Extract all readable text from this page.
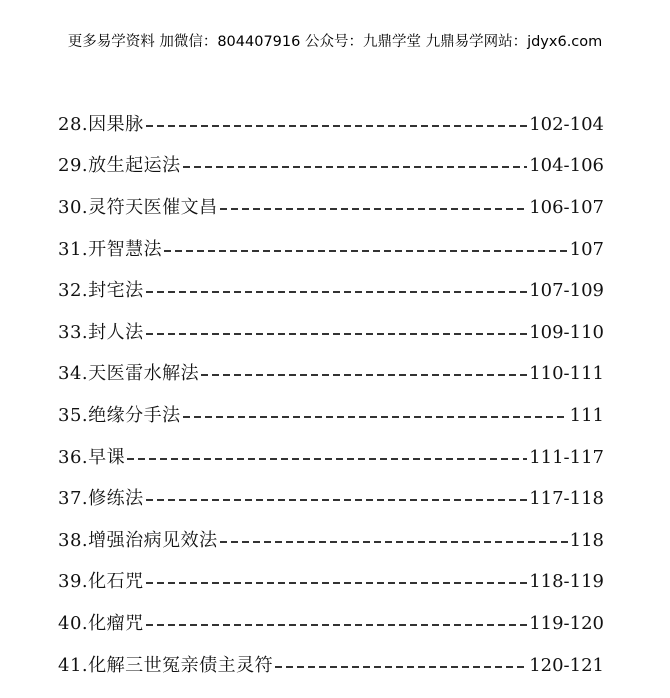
更多易学资料 加微信：804407916 公众号：九鼎学堂 九鼎易学网站：jdyx6.com
28.因果脉	102-104
29.放生起运法	104-106
30.灵符天医催文昌	106-107
31.开智慧法	107
32.封宅法	107-109
33.封人法	109-110
34.天医雷水解法	110-111
35.绝缘分手法	111
36.早课	111-117
37.修练法	117-118
38.增强治病见效法	118
39.化石咒	118-119
40.化瘤咒	119-120
41.化解三世冤亲债主灵符	120-121
